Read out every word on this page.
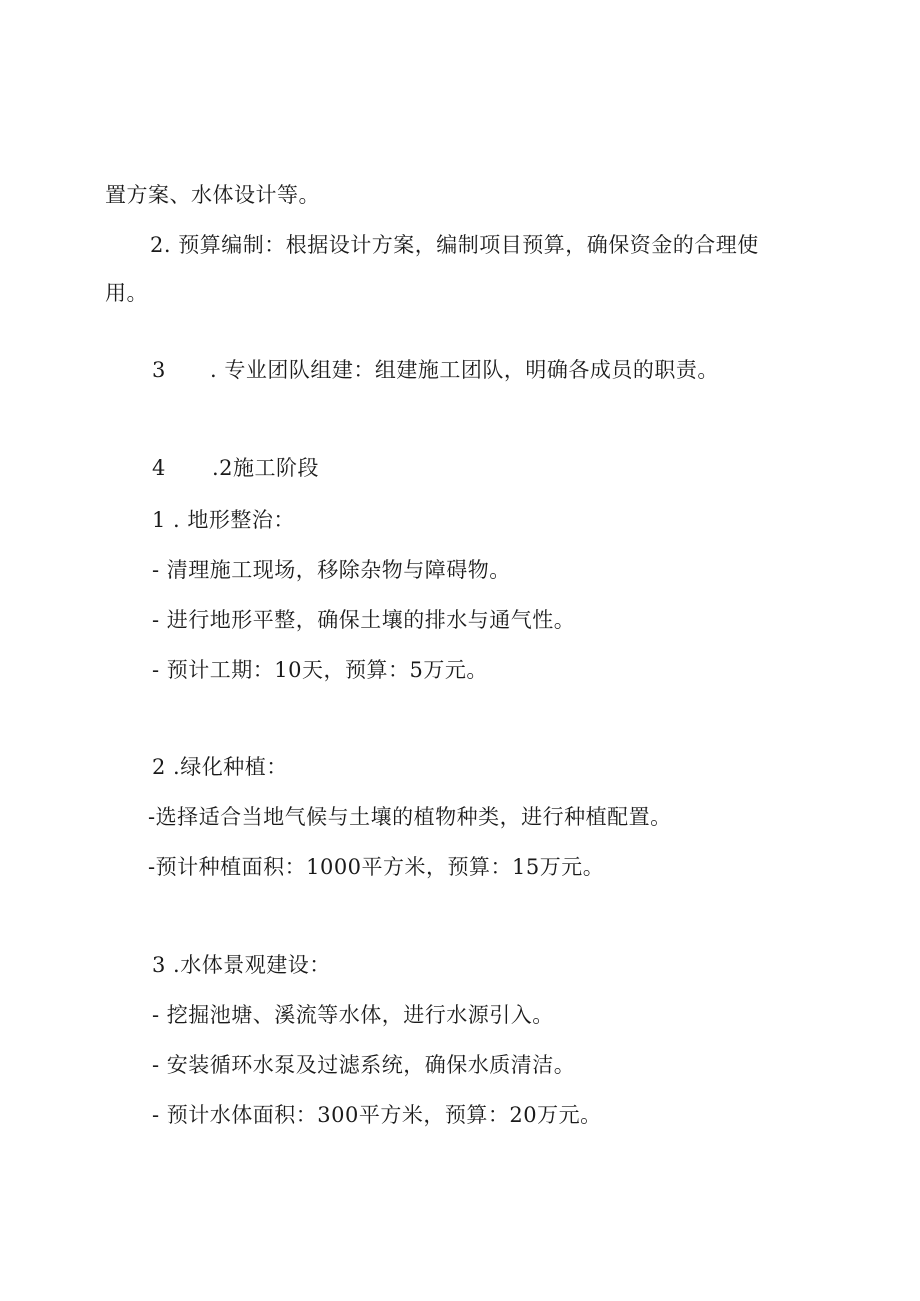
置方案、水体设计等。
2. 预算编制：根据设计方案，编制项目预算，确保资金的合理使
用。
3 . 专业团队组建：组建施工团队，明确各成员的职责。
4 .2施工阶段
1 . 地形整治：
- 清理施工现场，移除杂物与障碍物。
- 进行地形平整，确保土壤的排水与通气性。
- 预计工期：10天，预算：5万元。
2 .绿化种植：
-选择适合当地气候与土壤的植物种类，进行种植配置。
-预计种植面积：1000平方米，预算：15万元。
3 .水体景观建设：
- 挖掘池塘、溪流等水体，进行水源引入。
- 安装循环水泵及过滤系统，确保水质清洁。
- 预计水体面积：300平方米，预算：20万元。
